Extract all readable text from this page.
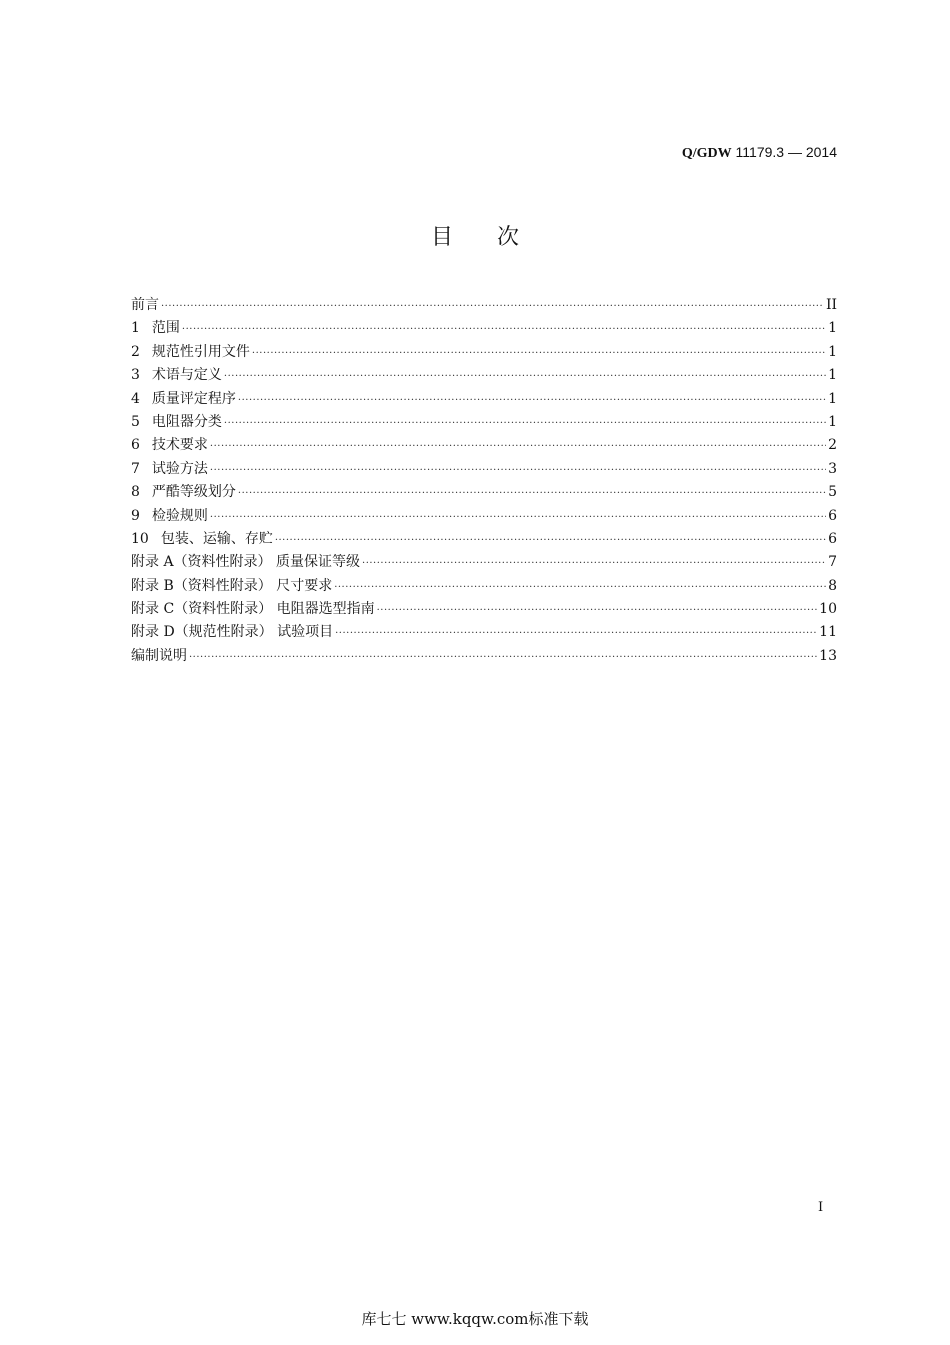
Q/GDW 11179.3 — 2014
目次
前言 ·····	II
1 范围 ·····	1
2 规范性引用文件 ·····	1
3 术语与定义 ·····	1
4 质量评定程序 ·····	1
5 电阻器分类 ·····	1
6 技术要求 ·····	2
7 试验方法 ·····	3
8 严酷等级划分 ·····	5
9 检验规则 ·····	6
10 包装、运输、存贮 ·····	6
附录 A（资料性附录） 质量保证等级 ·····	7
附录 B（资料性附录） 尺寸要求 ·····	8
附录 C（资料性附录） 电阻器选型指南 ·····	10
附录 D（规范性附录） 试验项目 ·····	11
编制说明 ·····	13
I
库七七 www.kqqw.com标准下载
